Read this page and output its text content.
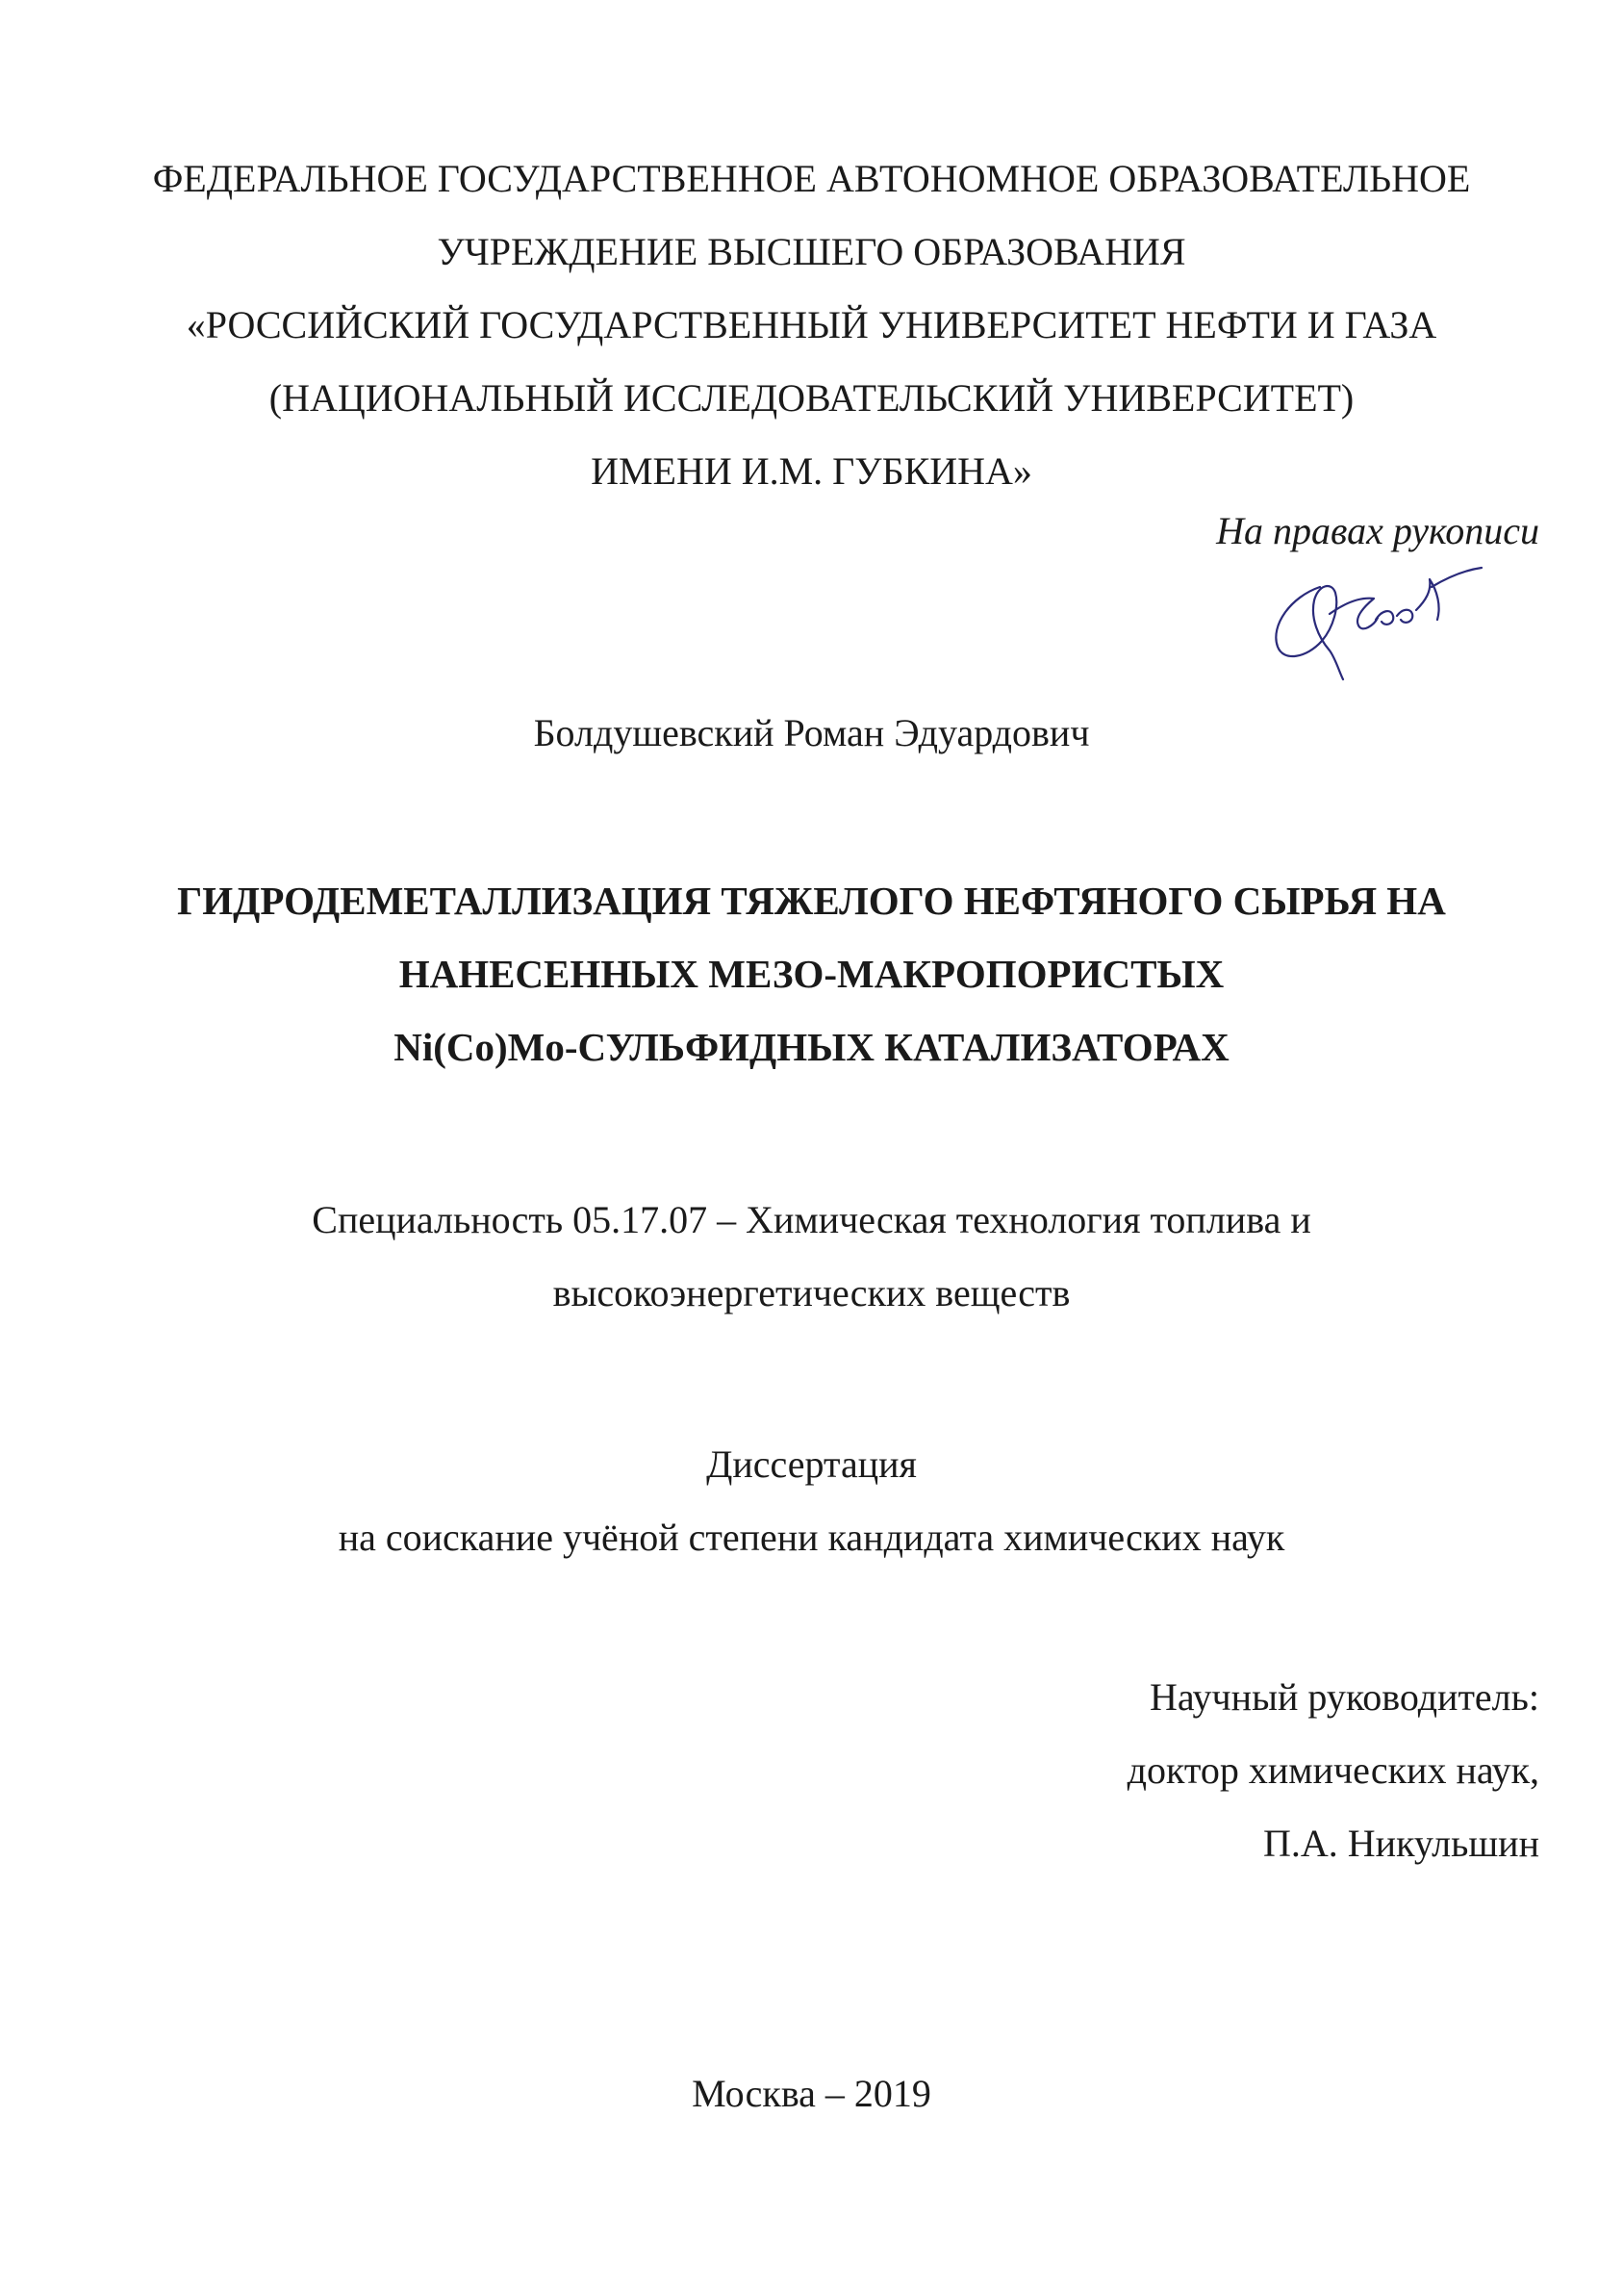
ФЕДЕРАЛЬНОЕ ГОСУДАРСТВЕННОЕ АВТОНОМНОЕ ОБРАЗОВАТЕЛЬНОЕ
УЧРЕЖДЕНИЕ ВЫСШЕГО ОБРАЗОВАНИЯ
«РОССИЙСКИЙ ГОСУДАРСТВЕННЫЙ УНИВЕРСИТЕТ НЕФТИ И ГАЗА
(НАЦИОНАЛЬНЫЙ ИССЛЕДОВАТЕЛЬСКИЙ УНИВЕРСИТЕТ)
ИМЕНИ И.М. ГУБКИНА»
На правах рукописи
Болдушевский Роман Эдуардович
ГИДРОДЕМЕТАЛЛИЗАЦИЯ ТЯЖЕЛОГО НЕФТЯНОГО СЫРЬЯ НА
НАНЕСЕННЫХ МЕЗО-МАКРОПОРИСТЫХ
Ni(Co)Mo-СУЛЬФИДНЫХ КАТАЛИЗАТОРАХ
Специальность 05.17.07 – Химическая технология топлива и
высокоэнергетических веществ
Диссертация
на соискание учёной степени кандидата химических наук
Научный руководитель:
доктор химических наук,
П.А. Никульшин
Москва – 2019
